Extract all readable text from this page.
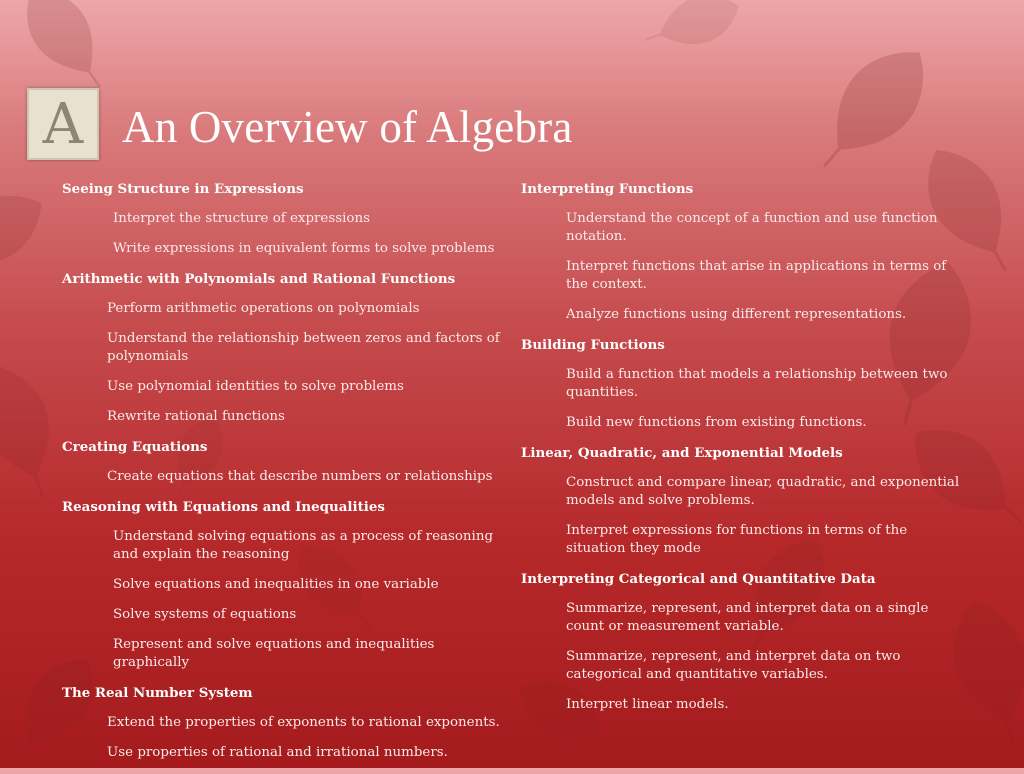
A An Overview of Algebra
Seeing Structure in Expressions
Interpret the structure of expressions
Write expressions in equivalent forms to solve problems
Arithmetic with Polynomials and Rational Functions
Perform arithmetic operations on polynomials
Understand the relationship between zeros and factors of polynomials
Use polynomial identities to solve problems
Rewrite rational functions
Creating Equations
Create equations that describe numbers or relationships
Reasoning with Equations and Inequalities
Understand solving equations as a process of reasoning and explain the reasoning
Solve equations and inequalities in one variable
Solve systems of equations
Represent and solve equations and inequalities graphically
The Real Number System
Extend the properties of exponents to rational exponents.
Use properties of rational and irrational numbers.
Interpreting Functions
Understand the concept of a function and use function notation.
Interpret functions that arise in applications in terms of the context.
Analyze functions using different representations.
Building Functions
Build a function that models a relationship between two quantities.
Build new functions from existing functions.
Linear, Quadratic, and Exponential Models
Construct and compare linear, quadratic, and exponential models and solve problems.
Interpret expressions for functions in terms of the situation they mode
Interpreting Categorical and Quantitative Data
Summarize, represent, and interpret data on a single count or measurement variable.
Summarize, represent, and interpret data on two categorical and quantitative variables.
Interpret linear models.
